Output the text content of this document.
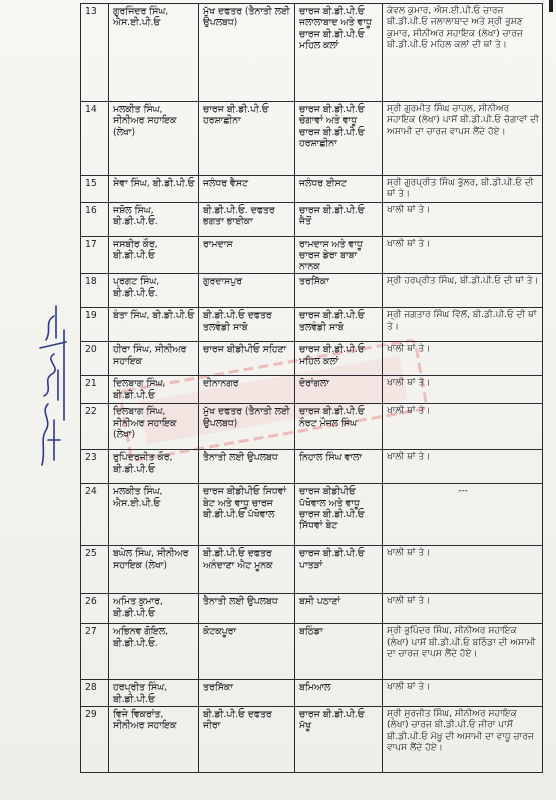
13	ਗੁਰਜਿੰਦਰ ਸਿੰਘ, ਐਸ.ਈ.ਪੀ.ਓ	ਮੁੱਖ ਦਫਤਰ (ਤੈਨਾਤੀ ਲਈ ਉਪਲਬਧ)	ਚਾਰਜ ਬੀ.ਡੀ.ਪੀ.ਓ ਜਲਾਲਾਬਾਦ ਅਤੇ ਵਾਧੂ ਚਾਰਜ ਬੀ.ਡੀ.ਪੀ.ਓ ਮਹਿਲ ਕਲਾਂ	ਕੇਵਲ ਕੁਮਾਰ, ਐਸ.ਈ.ਪੀ.ਓ ਚਾਰਜ ਬੀ.ਡੀ.ਪੀ.ਓ ਜਲਾਲਾਬਾਦ ਅਤੇ ਸ੍ਰੀ ਭੁਸ਼ਣ ਕੁਮਾਰ, ਸੀਨੀਅਰ ਸਹਾਇਕ (ਲੇਖਾ) ਚਾਰਜ ਬੀ.ਡੀ.ਪੀ.ਓ ਮਹਿਲ ਕਲਾਂ ਦੀ ਥਾਂ ਤੇ।
14	ਮਲਕੀਤ ਸਿੰਘ, ਸੀਨੀਅਰ ਸਹਾਇਕ (ਲੇਖਾ)	ਚਾਰਜ ਬੀ.ਡੀ.ਪੀ.ਓ ਹਰਸ਼ਾਛੀਨਾ	ਚਾਰਜ ਬੀ.ਡੀ.ਪੀ.ਓ ਚੋਗਾਵਾਂ ਅਤੇ ਵਾਧੂ ਚਾਰਜ ਬੀ.ਡੀ.ਪੀ.ਓ ਹਰਸ਼ਾਛੀਨਾ	ਸ੍ਰੀ ਗੁਰਮੀਤ ਸਿੰਘ ਚਾਹਲ, ਸੀਨੀਅਰ ਸਹਾਇਕ (ਲੇਖਾ) ਪਾਸੋਂ ਬੀ.ਡੀ.ਪੀ.ਓ ਚੋਗਾਵਾਂ ਦੀ ਅਸਾਮੀ ਦਾ ਚਾਰਜ ਵਾਪਸ ਲੈਂਦੇ ਹੋਏ।
15	ਸੇਵਾ ਸਿੰਘ, ਬੀ.ਡੀ.ਪੀ.ਓ	ਜਲੰਧਰ ਵੈਸਟ	ਜਲੰਧਰ ਈਸਟ	ਸ੍ਰੀ ਗੁਰਪ੍ਰੀਤ ਸਿੰਘ ਭੁੱਲਰ, ਬੀ.ਡੀ.ਪੀ.ਓ ਦੀ ਥਾਂ ਤੇ।
16	ਜਸ਼ੋਲ ਸਿੰਘ, ਬੀ.ਡੀ.ਪੀ.ਓ.	ਬੀ.ਡੀ.ਪੀ.ਓ. ਦਫਤਰ ਭਗਤਾ ਭਾਈਕਾ	ਚਾਰਜ ਬੀ.ਡੀ.ਪੀ.ਓ ਜੈਤੋਂ	ਖਾਲੀ ਥਾਂ ਤੇ।
17	ਜਸਬੀਰ ਕੌਰ, ਬੀ.ਡੀ.ਪੀ.ਓ	ਰਾਮਦਾਸ	ਰਾਮਦਾਸ ਅਤੇ ਵਾਧੂ ਚਾਰਜ ਡੇਰਾ ਬਾਬਾ ਨਾਨਕ	ਖਾਲੀ ਥਾਂ ਤੇ।
18	ਪ੍ਰਗਟ ਸਿੰਘ, ਬੀ.ਡੀ.ਪੀ.ਓ.	ਗੁਰਦਾਸਪੁਰ	ਤਰਸਿੱਕਾ	ਸ੍ਰੀ ਹਰਪ੍ਰੀਤ ਸਿੰਘ, ਬੀ.ਡੀ.ਪੀ.ਓ ਦੀ ਥਾਂ ਤੇ।
19	ਬੰਤਾ ਸਿੰਘ, ਬੀ.ਡੀ.ਪੀ.ਓ	ਬੀ.ਡੀ.ਪੀ.ਓ ਦਫਤਰ ਤਲਵੰਡੀ ਸਾਬੋ	ਚਾਰਜ ਬੀ.ਡੀ.ਪੀ.ਓ ਤਲਵੰਡੀ ਸਾਬੋ	ਸ੍ਰੀ ਜਗਤਾਰ ਸਿੰਘ ਵਿੱਲੋਂ, ਬੀ.ਡੀ.ਪੀ.ਓ ਦੀ ਥਾਂ ਤੇ।
20	ਹੀਰਾ ਸਿੰਘ, ਸੀਨੀਅਰ ਸਹਾਇਕ	ਚਾਰਜ ਬੀਡੀਪੀਓ ਸਹਿਣਾ	ਚਾਰਜ ਬੀ.ਡੀ.ਪੀ.ਓ ਮਹਿਲ ਕਲਾਂ	ਖਾਲੀ ਥਾਂ ਤੇ।
21	ਦਿਲਬਾਗ ਸਿੰਘ, ਬੀ.ਡੀ.ਪੀ.ਓ	ਦੀਨਾਨਗਰ	ਦੋਰਾਂਗਲਾ	ਖਾਲੀ ਥਾਂ ਤੇ।
22	ਦਿਲਬਾਗ ਸਿੰਘ, ਸੀਨੀਅਰ ਸਹਾਇਕ (ਲੇਖਾ)	ਮੁੱਖ ਦਫਤਰ (ਤੈਨਾਤੀ ਲਈ ਉਪਲਬਧ)	ਚਾਰਜ ਬੀ.ਡੀ.ਪੀ.ਓ ਨੌਰਟ ਮੌਜਲ ਸਿੰਘ	ਖਾਲੀ ਥਾਂ ਤੇ।
23	ਰੁਪਿੰਦਰਜੀਤ ਕੌਰ, ਬੀ.ਡੀ.ਪੀ.ਓ	ਤੈਨਾਤੀ ਲਈ ਉਪਲਬਧ	ਨਿਹਾਲ ਸਿੰਘ ਵਾਲਾ	ਖਾਲੀ ਥਾਂ ਤੇ।
24	ਮਲਕੀਤ ਸਿੰਘ, ਐਸ.ਈ.ਪੀ.ਓ	ਚਾਰਜ ਬੀਡੀਪੀਓ ਸਿਧਵਾਂ ਬੇਟ ਅਤੇ ਵਾਧੂ ਚਾਰਜ ਬੀ.ਡੀ.ਪੀ.ਓ ਪੱਖੋਵਾਲ	ਚਾਰਜ ਬੀਡੀਪੀਓ ਪੱਖੋਵਾਲ ਅਤੇ ਵਾਧੂ ਚਾਰਜ ਬੀ.ਡੀ.ਪੀ.ਓ ਸਿੱਧਵਾਂ ਬੇਟ	---
25	ਬਘੇਲ ਸਿੰਘ, ਸੀਨੀਅਰ ਸਹਾਇਕ (ਲੇਖਾ)	ਬੀ.ਡੀ.ਪੀ.ਓ ਦਫਤਰ ਅਨੰਦਾਣਾ ਐਟ ਮੂਨਕ	ਚਾਰਜ ਬੀ.ਡੀ.ਪੀ.ਓ ਪਾਤੜਾਂ	ਖਾਲੀ ਥਾਂ ਤੇ।
26	ਅਮਿਤ ਕੁਮਾਰ, ਬੀ.ਡੀ.ਪੀ.ਓ	ਤੈਨਾਤੀ ਲਈ ਉਪਲਬਧ	ਬਸੀ ਪਠਾਣਾਂ	ਖਾਲੀ ਥਾਂ ਤੇ।
27	ਅਭਿਨਵ ਗੋਇਲ, ਬੀ.ਡੀ.ਪੀ.ਓ.	ਕੋਟਕਪੂਰਾ	ਬਠਿੰਡਾ	ਸ੍ਰੀ ਭੁਪਿੰਦਰ ਸਿੰਘ, ਸੀਨੀਅਰ ਸਹਾਇਕ (ਲੇਖਾ) ਪਾਸੋਂ ਬੀ.ਡੀ.ਪੀ.ਓ ਬਠਿੰਡਾ ਦੀ ਅਸਾਮੀ ਦਾ ਚਾਰਜ ਵਾਪਸ ਲੈਂਦੇ ਹੋਏ।
28	ਹਰਪ੍ਰੀਤ ਸਿੰਘ, ਬੀ.ਡੀ.ਪੀ.ਓ	ਤਰਸਿੱਕਾ	ਬਮਿਆਲ	ਖਾਲੀ ਥਾਂ ਤੇ।
29	ਵਿਜੇ ਵਿਕਰਾਂਤ, ਸੀਨੀਅਰ ਸਹਾਇਕ	ਬੀ.ਡੀ.ਪੀ.ਓ ਦਫਤਰ ਜੀਰਾ	ਚਾਰਜ ਬੀ.ਡੀ.ਪੀ.ਓ ਮੱਖੂ	ਸ੍ਰੀ ਸੁਰਜੀਤ ਸਿੰਘ, ਸੀਨੀਅਰ ਸਹਾਇਕ (ਲੇਖਾ) ਚਾਰਜ ਬੀ.ਡੀ.ਪੀ.ਓ ਜੀਰਾ ਪਾਸੋਂ ਬੀ.ਡੀ.ਪੀ.ਓ ਮੱਖੂ ਦੀ ਅਸਾਮੀ ਦਾ ਵਾਧੂ ਚਾਰਜ ਵਾਪਸ ਲੈਂਦੇ ਹੋਏ।
